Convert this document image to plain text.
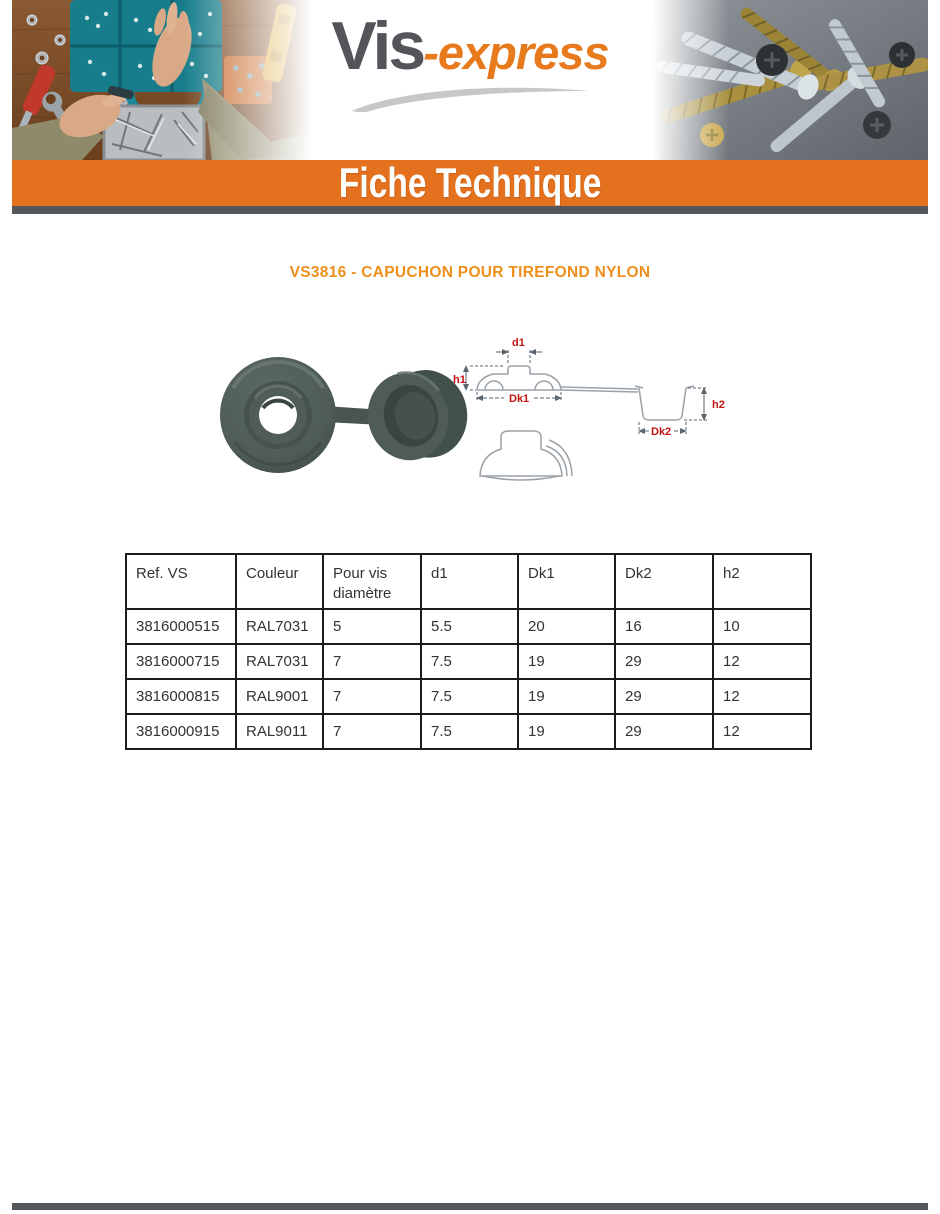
Vis-express
Fiche Technique
VS3816 - CAPUCHON POUR TIREFOND NYLON
d1
h1
Dk1
Dk2
h2
Ref. VS	Couleur	Pour vis diamètre	d1	Dk1	Dk2	h2
3816000515	RAL7031	5	5.5	20	16	10
3816000715	RAL7031	7	7.5	19	29	12
3816000815	RAL9001	7	7.5	19	29	12
3816000915	RAL9011	7	7.5	19	29	12
